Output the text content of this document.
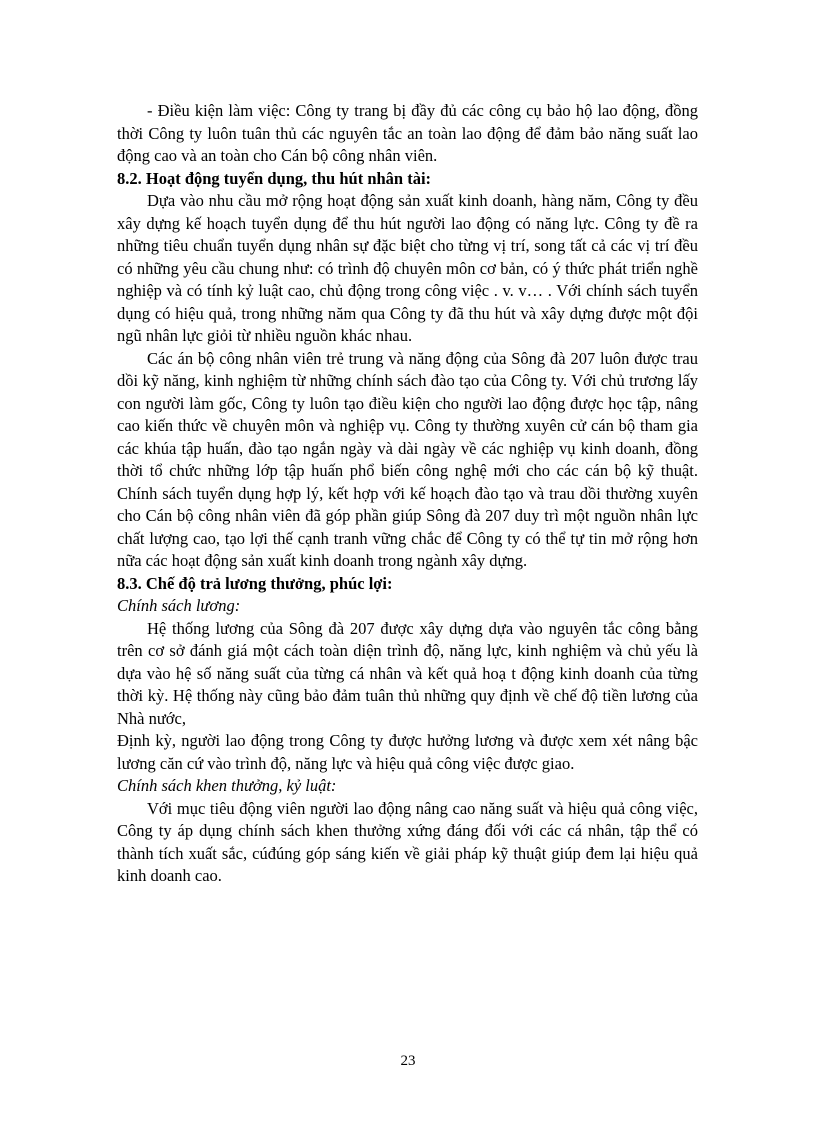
- Điều kiện làm việc: Công ty trang bị đầy đủ các công cụ bảo hộ lao động, đồng thời Công ty luôn tuân thủ các nguyên tắc an toàn lao động để đảm bảo năng suất lao động cao và an toàn cho Cán bộ công nhân viên.

8.2. Hoạt động tuyển dụng, thu hút nhân tài:

Dựa vào nhu cầu mở rộng hoạt động sản xuất kinh doanh, hàng năm, Công ty đều xây dựng kế hoạch tuyển dụng để thu hút người lao động có năng lực. Công ty đề ra những tiêu chuẩn tuyển dụng nhân sự đặc biệt cho từng vị trí, song tất cả các vị trí đều có những yêu cầu chung như: có trình độ chuyên môn cơ bản, có ý thức phát triển nghề nghiệp và có tính kỷ luật cao, chủ động trong công việc . v. v… . Với chính sách tuyển dụng có hiệu quả, trong những năm qua Công ty đã thu hút và xây dựng được một đội ngũ nhân lực giỏi từ nhiều nguồn khác nhau.

Các án bộ công nhân viên trẻ trung và năng động của Sông đà 207 luôn được trau dồi kỹ năng, kinh nghiệm từ những chính sách đào tạo của Công ty. Với chủ trương lấy con người làm gốc, Công ty luôn tạo điều kiện cho người lao động được học tập, nâng cao kiến thức về chuyên môn và nghiệp vụ. Công ty thường xuyên cử cán bộ tham gia các khúa tập huấn, đào tạo ngắn ngày và dài ngày về các nghiệp vụ kinh doanh, đồng thời tổ chức những lớp tập huấn phổ biến công nghệ mới cho các cán bộ kỹ thuật. Chính sách tuyển dụng hợp lý, kết hợp với kế hoạch đào tạo và trau dồi thường xuyên cho Cán bộ công nhân viên đã góp phần giúp Sông đà 207 duy trì một nguồn nhân lực chất lượng cao, tạo lợi thế cạnh tranh vững chắc để Công ty có thể tự tin mở rộng hơn nữa các hoạt động sản xuất kinh doanh trong ngành xây dựng.

8.3. Chế độ trả lương thưởng, phúc lợi:

Chính sách lương:

Hệ thống lương của Sông đà 207 được xây dựng dựa vào nguyên tắc công bằng trên cơ sở đánh giá một cách toàn diện trình độ, năng lực, kinh nghiệm và chủ yếu là dựa vào hệ số năng suất của từng cá nhân và kết quả hoạ t động kinh doanh của từng thời kỳ. Hệ thống này cũng bảo đảm tuân thủ những quy định về chế độ tiền lương của Nhà nước,

Định kỳ, người lao động trong Công ty được hưởng lương và được xem xét nâng bậc lương căn cứ vào trình độ, năng lực và hiệu quả công việc được giao.

Chính sách khen thưởng, kỷ luật:

Với mục tiêu động viên người lao động nâng cao năng suất và hiệu quả công việc, Công ty áp dụng chính sách khen thưởng xứng đáng đối với các cá nhân, tập thể có thành tích xuất sắc, cúđúng góp sáng kiến về giải pháp kỹ thuật giúp đem lại hiệu quả kinh doanh cao.

23
